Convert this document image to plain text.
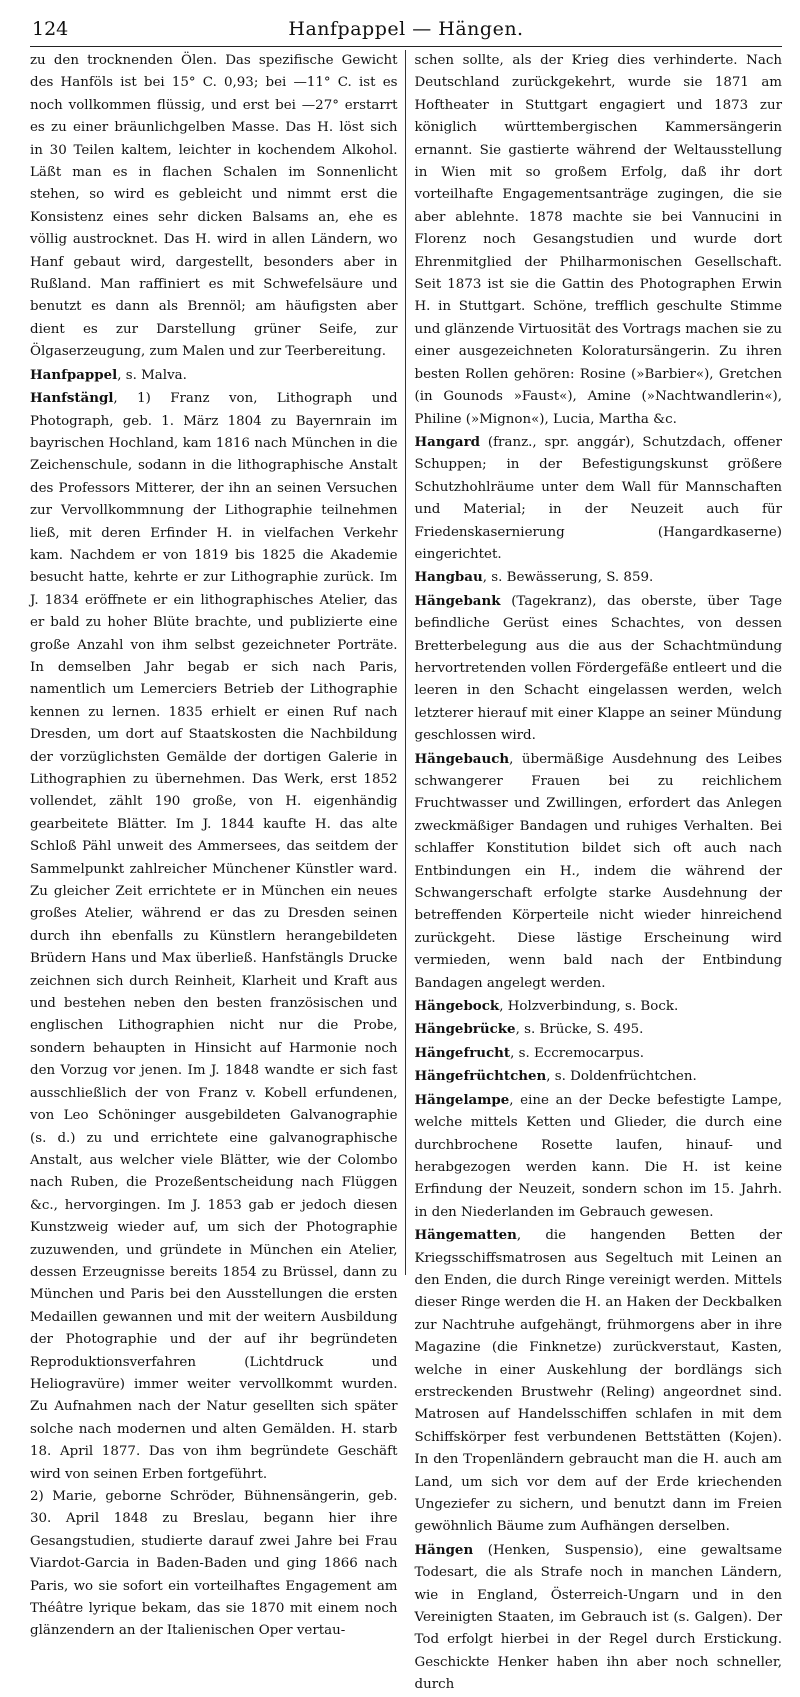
124	Hanfpappel — Hängen.

zu den trocknenden Ölen. Das spezifische Gewicht des Hanföls ist bei 15° C. 0,93; bei —11° C. ist es noch vollkommen flüssig, und erst bei —27° erstarrt es zu einer bräunlichgelben Masse. Das H. löst sich in 30 Teilen kaltem, leichter in kochendem Alkohol. Läßt man es in flachen Schalen im Sonnenlicht stehen, so wird es gebleicht und nimmt erst die Konsistenz eines sehr dicken Balsams an, ehe es völlig austrocknet. Das H. wird in allen Ländern, wo Hanf gebaut wird, dargestellt, besonders aber in Rußland. Man raffiniert es mit Schwefelsäure und benutzt es dann als Brennöl; am häufigsten aber dient es zur Darstellung grüner Seife, zur Ölgaserzeugung, zum Malen und zur Teerbereitung.

Hanfpappel, s. Malva.

Hanfstängl, 1) Franz von, Lithograph und Photograph, geb. 1. März 1804 zu Bayernrain im bayrischen Hochland, kam 1816 nach München in die Zeichenschule, sodann in die lithographische Anstalt des Professors Mitterer, der ihn an seinen Versuchen zur Vervollkommnung der Lithographie teilnehmen ließ, mit deren Erfinder H. in vielfachen Verkehr kam. Nachdem er von 1819 bis 1825 die Akademie besucht hatte, kehrte er zur Lithographie zurück. Im J. 1834 eröffnete er ein lithographisches Atelier, das er bald zu hoher Blüte brachte, und publizierte eine große Anzahl von ihm selbst gezeichneter Porträte. In demselben Jahr begab er sich nach Paris, namentlich um Lemerciers Betrieb der Lithographie kennen zu lernen. 1835 erhielt er einen Ruf nach Dresden, um dort auf Staatskosten die Nachbildung der vorzüglichsten Gemälde der dortigen Galerie in Lithographien zu übernehmen. Das Werk, erst 1852 vollendet, zählt 190 große, von H. eigenhändig gearbeitete Blätter. Im J. 1844 kaufte H. das alte Schloß Pähl unweit des Ammersees, das seitdem der Sammelpunkt zahlreicher Münchener Künstler ward. Zu gleicher Zeit errichtete er in München ein neues großes Atelier, während er das zu Dresden seinen durch ihn ebenfalls zu Künstlern herangebildeten Brüdern Hans und Max überließ. Hanfstängls Drucke zeichnen sich durch Reinheit, Klarheit und Kraft aus und bestehen neben den besten französischen und englischen Lithographien nicht nur die Probe, sondern behaupten in Hinsicht auf Harmonie noch den Vorzug vor jenen. Im J. 1848 wandte er sich fast ausschließlich der von Franz v. Kobell erfundenen, von Leo Schöninger ausgebildeten Galvanographie (s. d.) zu und errichtete eine galvanographische Anstalt, aus welcher viele Blätter, wie der Colombo nach Ruben, die Prozeßentscheidung nach Flüggen &c., hervorgingen. Im J. 1853 gab er jedoch diesen Kunstzweig wieder auf, um sich der Photographie zuzuwenden, und gründete in München ein Atelier, dessen Erzeugnisse bereits 1854 zu Brüssel, dann zu München und Paris bei den Ausstellungen die ersten Medaillen gewannen und mit der weitern Ausbildung der Photographie und der auf ihr begründeten Reproduktionsverfahren (Lichtdruck und Heliogravüre) immer weiter vervollkommt wurden. Zu Aufnahmen nach der Natur gesellten sich später solche nach modernen und alten Gemälden. H. starb 18. April 1877. Das von ihm begründete Geschäft wird von seinen Erben fortgeführt.

2) Marie, geborne Schröder, Bühnensängerin, geb. 30. April 1848 zu Breslau, begann hier ihre Gesangstudien, studierte darauf zwei Jahre bei Frau Viardot-Garcia in Baden-Baden und ging 1866 nach Paris, wo sie sofort ein vorteilhaftes Engagement am Théâtre lyrique bekam, das sie 1870 mit einem noch glänzendern an der Italienischen Oper vertau-

schen sollte, als der Krieg dies verhinderte. Nach Deutschland zurückgekehrt, wurde sie 1871 am Hoftheater in Stuttgart engagiert und 1873 zur königlich württembergischen Kammersängerin ernannt. Sie gastierte während der Weltausstellung in Wien mit so großem Erfolg, daß ihr dort vorteilhafte Engagementsanträge zugingen, die sie aber ablehnte. 1878 machte sie bei Vannucini in Florenz noch Gesangstudien und wurde dort Ehrenmitglied der Philharmonischen Gesellschaft. Seit 1873 ist sie die Gattin des Photographen Erwin H. in Stuttgart. Schöne, trefflich geschulte Stimme und glänzende Virtuosität des Vortrags machen sie zu einer ausgezeichneten Koloratursängerin. Zu ihren besten Rollen gehören: Rosine (»Barbier«), Gretchen (in Gounods »Faust«), Amine (»Nachtwandlerin«), Philine (»Mignon«), Lucia, Martha &c.

Hangard (franz., spr. anggár), Schutzdach, offener Schuppen; in der Befestigungskunst größere Schutzhohlräume unter dem Wall für Mannschaften und Material; in der Neuzeit auch für Friedenskasernierung (Hangardkaserne) eingerichtet.

Hangbau, s. Bewässerung, S. 859.

Hängebank (Tagekranz), das oberste, über Tage befindliche Gerüst eines Schachtes, von dessen Bretterbelegung aus die aus der Schachtmündung hervortretenden vollen Fördergefäße entleert und die leeren in den Schacht eingelassen werden, welch letzterer hierauf mit einer Klappe an seiner Mündung geschlossen wird.

Hängebauch, übermäßige Ausdehnung des Leibes schwangerer Frauen bei zu reichlichem Fruchtwasser und Zwillingen, erfordert das Anlegen zweckmäßiger Bandagen und ruhiges Verhalten. Bei schlaffer Konstitution bildet sich oft auch nach Entbindungen ein H., indem die während der Schwangerschaft erfolgte starke Ausdehnung der betreffenden Körperteile nicht wieder hinreichend zurückgeht. Diese lästige Erscheinung wird vermieden, wenn bald nach der Entbindung Bandagen angelegt werden.

Hängebock, Holzverbindung, s. Bock.

Hängebrücke, s. Brücke, S. 495.

Hängefrucht, s. Eccremocarpus.

Hängefrüchtchen, s. Doldenfrüchtchen.

Hängelampe, eine an der Decke befestigte Lampe, welche mittels Ketten und Glieder, die durch eine durchbrochene Rosette laufen, hinauf- und herabgezogen werden kann. Die H. ist keine Erfindung der Neuzeit, sondern schon im 15. Jahrh. in den Niederlanden im Gebrauch gewesen.

Hängematten, die hangenden Betten der Kriegsschiffsmatrosen aus Segeltuch mit Leinen an den Enden, die durch Ringe vereinigt werden. Mittels dieser Ringe werden die H. an Haken der Deckbalken zur Nachtruhe aufgehängt, frühmorgens aber in ihre Magazine (die Finknetze) zurückverstaut, Kasten, welche in einer Auskehlung der bordlängs sich erstreckenden Brustwehr (Reling) angeordnet sind. Matrosen auf Handelsschiffen schlafen in mit dem Schiffskörper fest verbundenen Bettstätten (Kojen). In den Tropenländern gebraucht man die H. auch am Land, um sich vor dem auf der Erde kriechenden Ungeziefer zu sichern, und benutzt dann im Freien gewöhnlich Bäume zum Aufhängen derselben.

Hängen (Henken, Suspensio), eine gewaltsame Todesart, die als Strafe noch in manchen Ländern, wie in England, Österreich-Ungarn und in den Vereinigten Staaten, im Gebrauch ist (s. Galgen). Der Tod erfolgt hierbei in der Regel durch Erstickung. Geschickte Henker haben ihn aber noch schneller, durch
